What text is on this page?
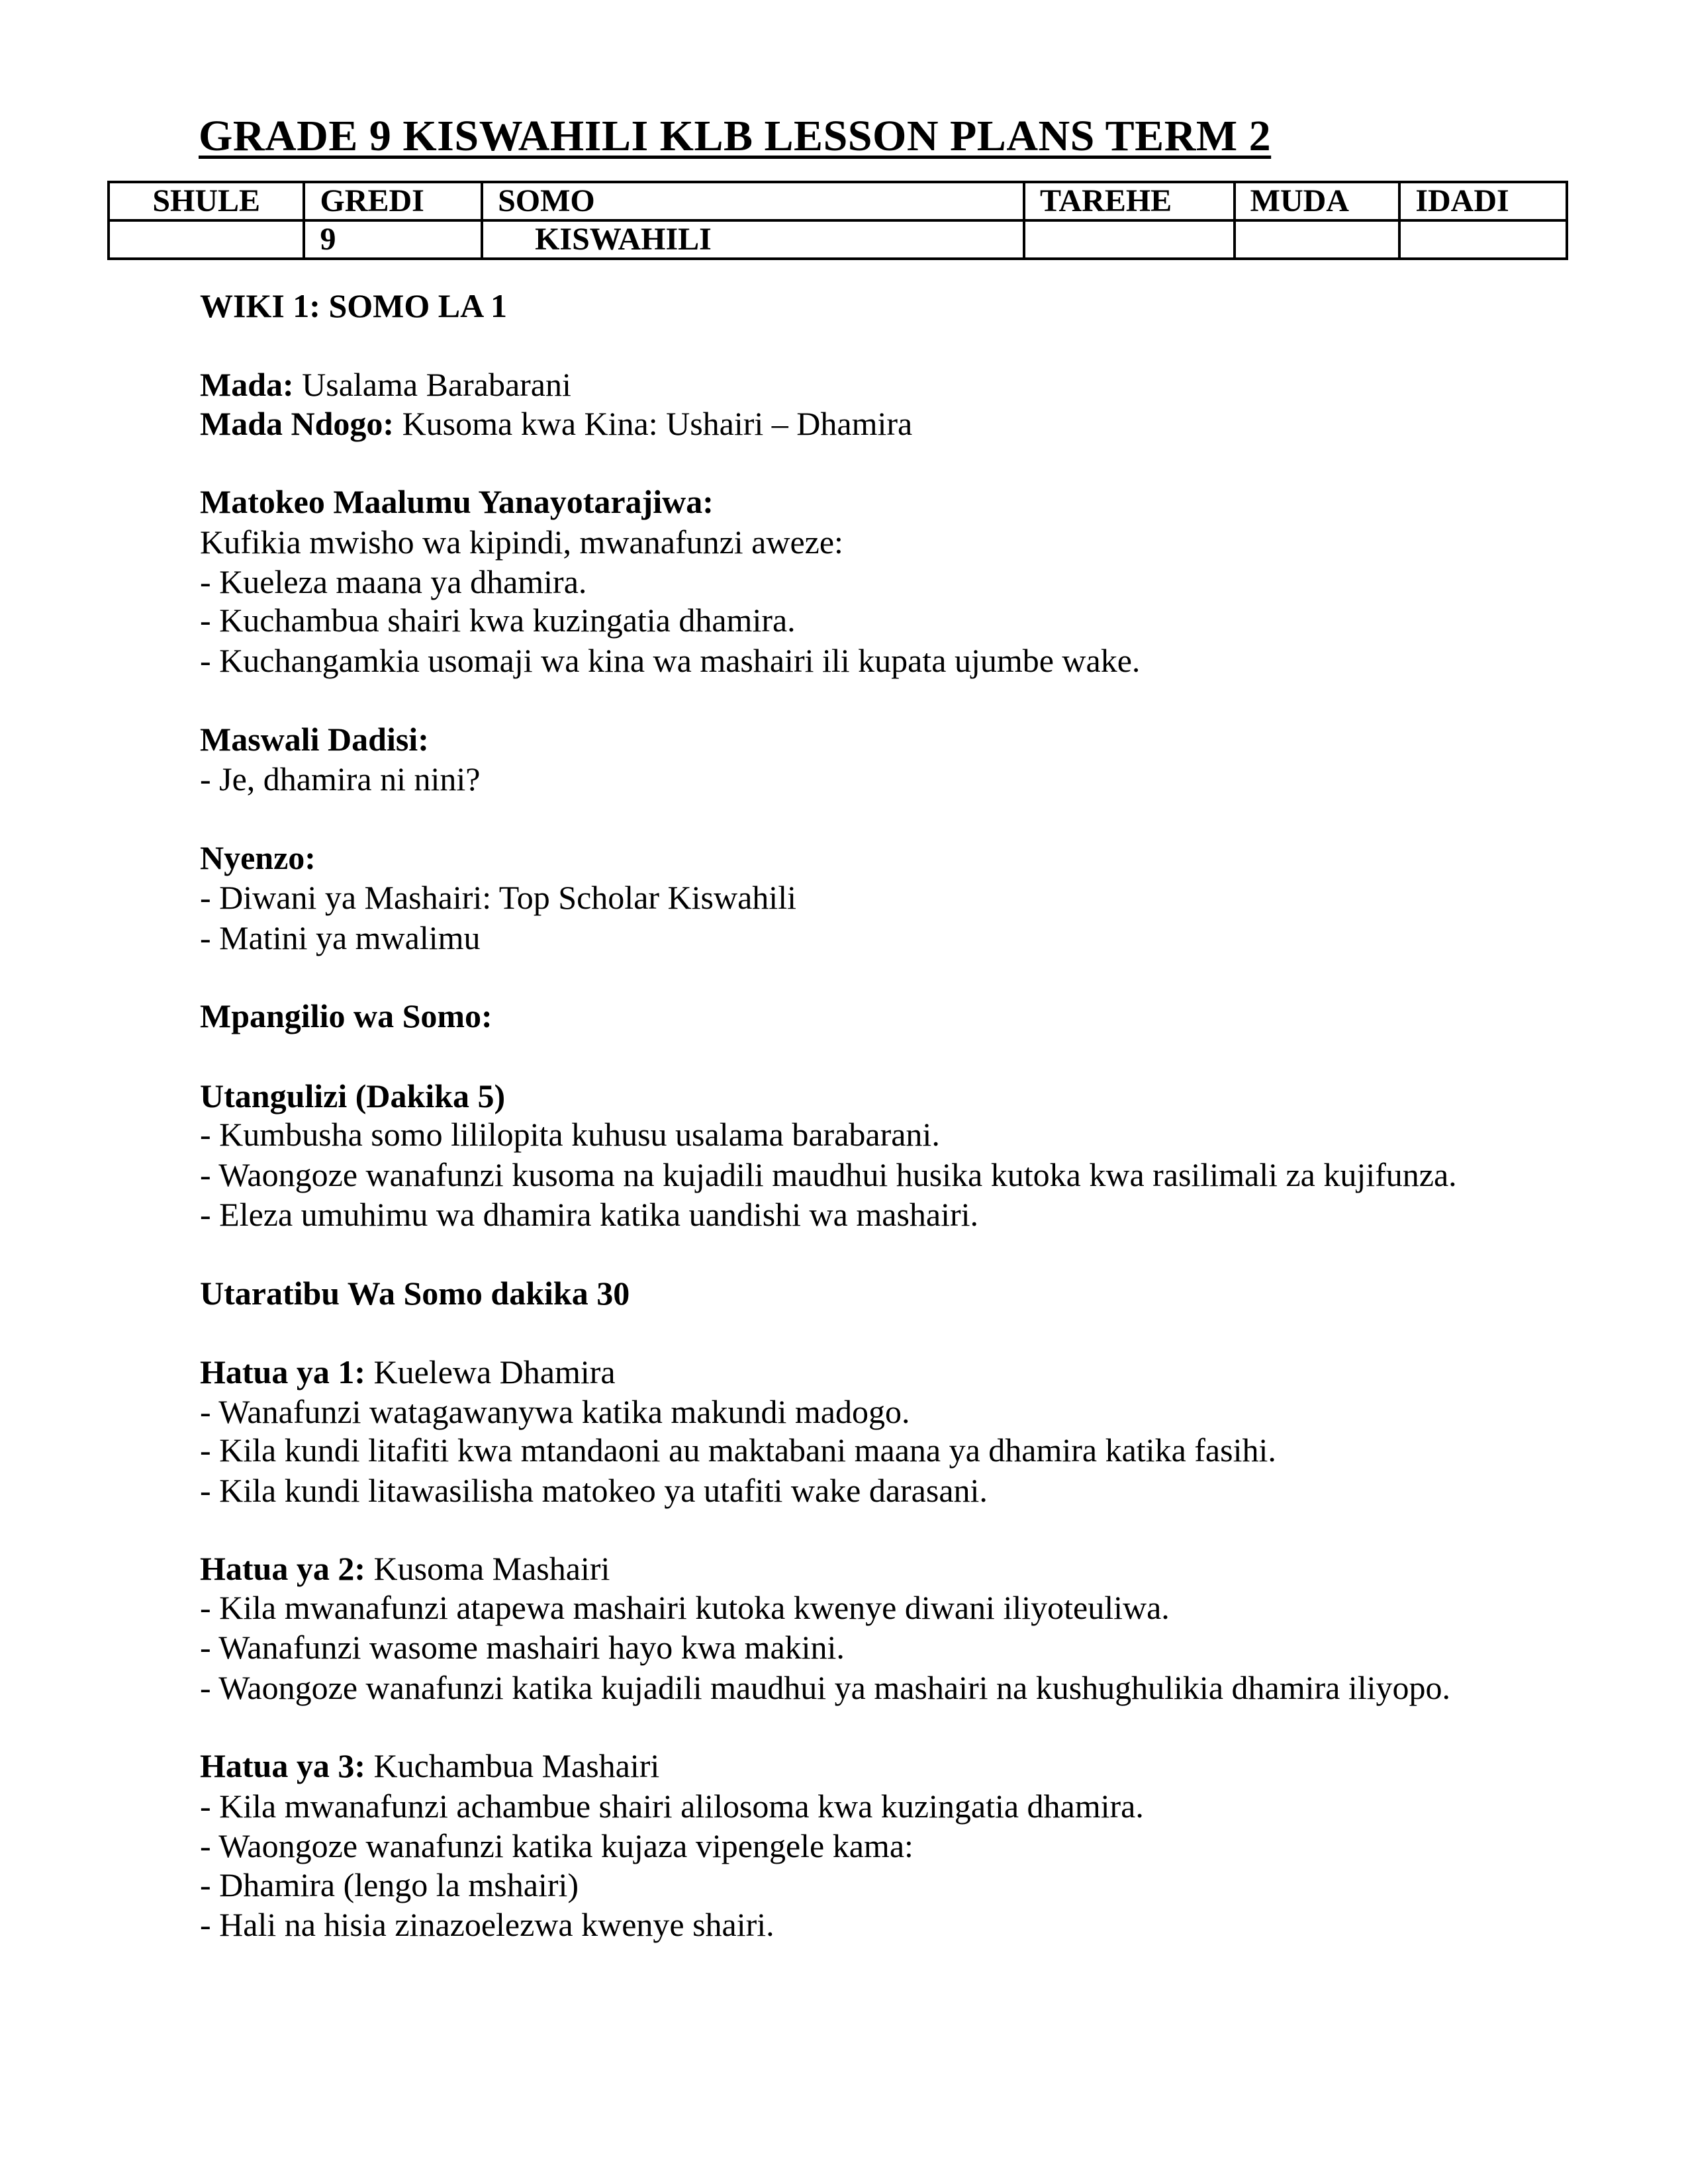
GRADE 9 KISWAHILI KLB LESSON PLANS TERM 2
SHULE	GREDI	SOMO	TAREHE	MUDA	IDADI
	9	KISWAHILI			
WIKI 1: SOMO LA 1
Mada: Usalama Barabarani
Mada Ndogo: Kusoma kwa Kina: Ushairi – Dhamira
Matokeo Maalumu Yanayotarajiwa:
Kufikia mwisho wa kipindi, mwanafunzi aweze:
- Kueleza maana ya dhamira.
- Kuchambua shairi kwa kuzingatia dhamira.
- Kuchangamkia usomaji wa kina wa mashairi ili kupata ujumbe wake.
Maswali Dadisi:
- Je, dhamira ni nini?
Nyenzo:
- Diwani ya Mashairi: Top Scholar Kiswahili
- Matini ya mwalimu
Mpangilio wa Somo:
Utangulizi (Dakika 5)
- Kumbusha somo lililopita kuhusu usalama barabarani.
- Waongoze wanafunzi kusoma na kujadili maudhui husika kutoka kwa rasilimali za kujifunza.
- Eleza umuhimu wa dhamira katika uandishi wa mashairi.
Utaratibu Wa Somo dakika 30
Hatua ya 1: Kuelewa Dhamira
- Wanafunzi watagawanywa katika makundi madogo.
- Kila kundi litafiti kwa mtandaoni au maktabani maana ya dhamira katika fasihi.
- Kila kundi litawasilisha matokeo ya utafiti wake darasani.
Hatua ya 2: Kusoma Mashairi
- Kila mwanafunzi atapewa mashairi kutoka kwenye diwani iliyoteuliwa.
- Wanafunzi wasome mashairi hayo kwa makini.
- Waongoze wanafunzi katika kujadili maudhui ya mashairi na kushughulikia dhamira iliyopo.
Hatua ya 3: Kuchambua Mashairi
- Kila mwanafunzi achambue shairi alilosoma kwa kuzingatia dhamira.
- Waongoze wanafunzi katika kujaza vipengele kama:
- Dhamira (lengo la mshairi)
- Hali na hisia zinazoelezwa kwenye shairi.
